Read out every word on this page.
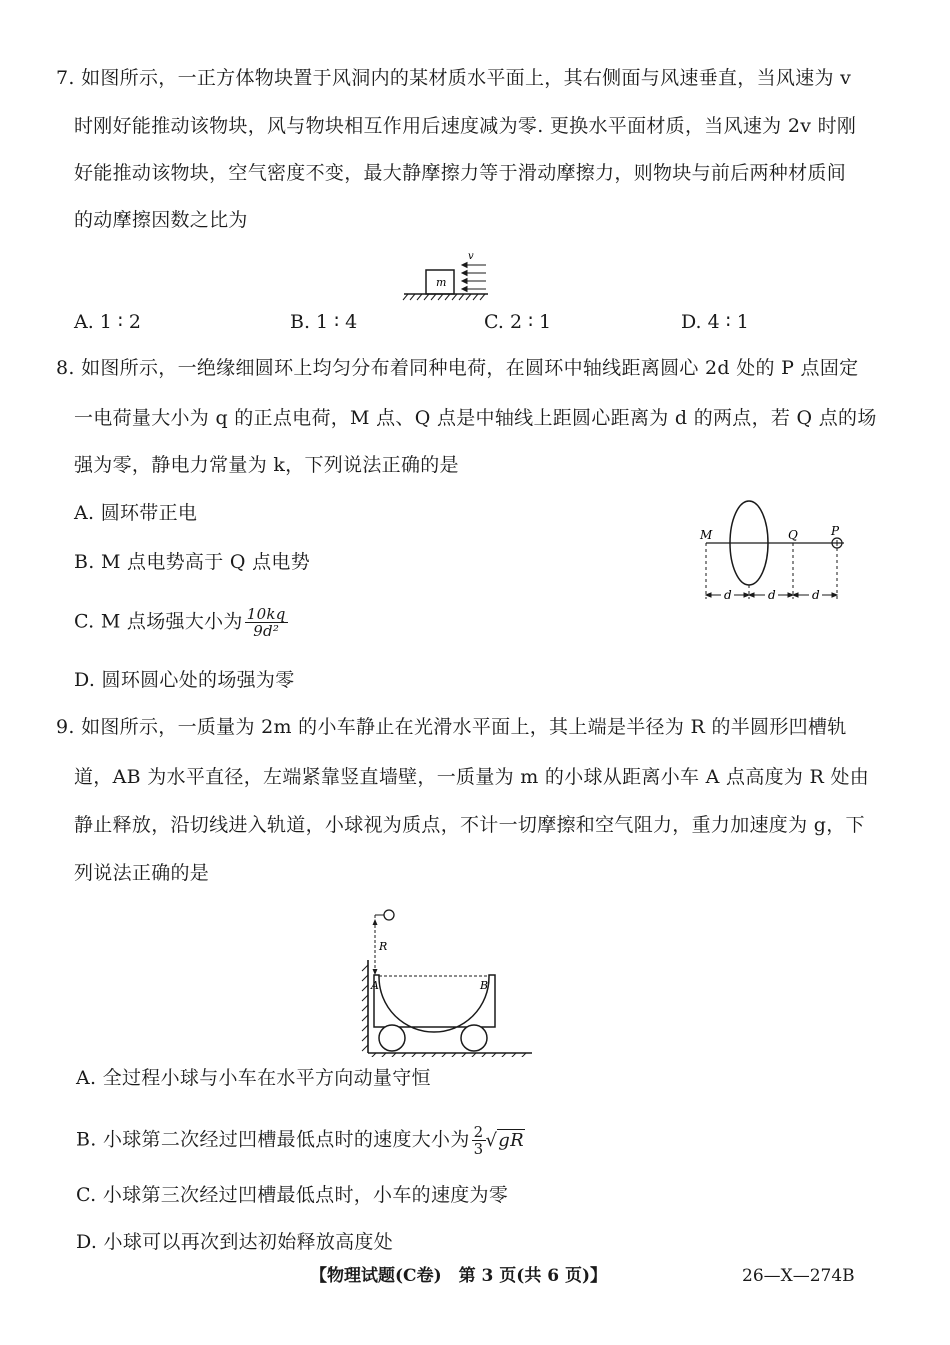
7. 如图所示，一正方体物块置于风洞内的某材质水平面上，其右侧面与风速垂直，当风速为 v
时刚好能推动该物块，风与物块相互作用后速度减为零. 更换水平面材质，当风速为 2v 时刚
好能推动该物块，空气密度不变，最大静摩擦力等于滑动摩擦力，则物块与前后两种材质间
的动摩擦因数之比为
m
v
A. 1 ∶ 2	B. 1 ∶ 4	C. 2 ∶ 1	D. 4 ∶ 1
8. 如图所示，一绝缘细圆环上均匀分布着同种电荷，在圆环中轴线距离圆心 2d 处的 P 点固定
一电荷量大小为 q 的正点电荷，M 点、Q 点是中轴线上距圆心距离为 d 的两点，若 Q 点的场
强为零，静电力常量为 k，下列说法正确的是
A. 圆环带正电
B. M 点电势高于 Q 点电势
C. M 点场强大小为 $\frac{10kq}{\text{9d²}}$
D. 圆环圆心处的场强为零
M	Q	P
d	d	d
9. 如图所示，一质量为 2m 的小车静止在光滑水平面上，其上端是半径为 R 的半圆形凹槽轨
道，AB 为水平直径，左端紧靠竖直墙壁，一质量为 m 的小球从距离小车 A 点高度为 R 处由
静止释放，沿切线进入轨道，小球视为质点，不计一切摩擦和空气阻力，重力加速度为 g，下
列说法正确的是
R
A	B
A. 全过程小球与小车在水平方向动量守恒
B. 小球第二次经过凹槽最低点时的速度大小为 $\frac{2}{3} √gR$
C. 小球第三次经过凹槽最低点时，小车的速度为零
D. 小球可以再次到达初始释放高度处
【物理试题(C卷)　第 3 页(共 6 页)】	26—X—274B
